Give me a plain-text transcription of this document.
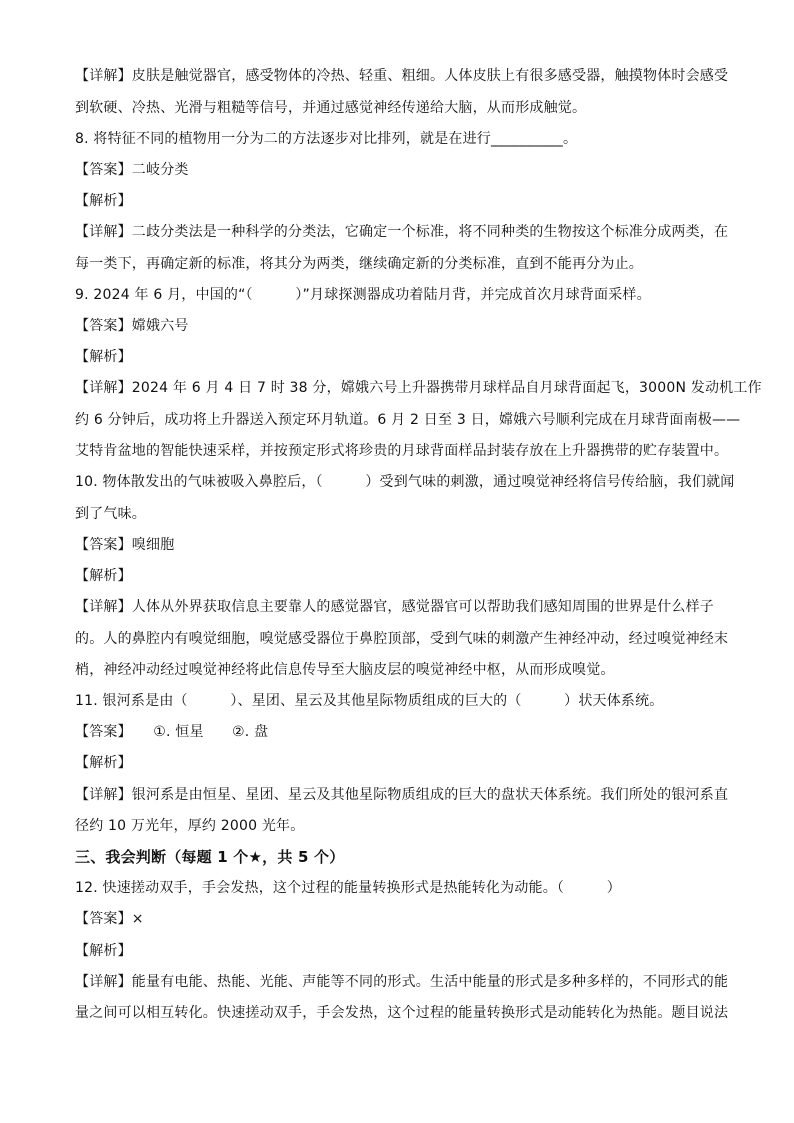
【详解】皮肤是触觉器官，感受物体的冷热、轻重、粗细。人体皮肤上有很多感受器，触摸物体时会感受
到软硬、冷热、光滑与粗糙等信号，并通过感觉神经传递给大脑，从而形成触觉。
8. 将特征不同的植物用一分为二的方法逐步对比排列，就是在进行__________。
【答案】二岐分类
【解析】
【详解】二歧分类法是一种科学的分类法，它确定一个标准，将不同种类的生物按这个标准分成两类，在
每一类下，再确定新的标准，将其分为两类，继续确定新的分类标准，直到不能再分为止。
9. 2024 年 6 月，中国的“（　　　）”月球探测器成功着陆月背，并完成首次月球背面采样。
【答案】嫦娥六号
【解析】
【详解】2024 年 6 月 4 日 7 时 38 分，嫦娥六号上升器携带月球样品自月球背面起飞，3000N 发动机工作
约 6 分钟后，成功将上升器送入预定环月轨道。6 月 2 日至 3 日，嫦娥六号顺利完成在月球背面南极——
艾特肯盆地的智能快速采样，并按预定形式将珍贵的月球背面样品封装存放在上升器携带的贮存装置中。
10. 物体散发出的气味被吸入鼻腔后，（　　　）受到气味的刺激，通过嗅觉神经将信号传给脑，我们就闻
到了气味。
【答案】嗅细胞
【解析】
【详解】人体从外界获取信息主要靠人的感觉器官，感觉器官可以帮助我们感知周围的世界是什么样子
的。人的鼻腔内有嗅觉细胞，嗅觉感受器位于鼻腔顶部，受到气味的刺激产生神经冲动，经过嗅觉神经末
梢，神经冲动经过嗅觉神经将此信息传导至大脑皮层的嗅觉神经中枢，从而形成嗅觉。
11. 银河系是由（　　　）、星团、星云及其他星际物质组成的巨大的（　　　）状天体系统。
【答案】　　①. 恒星　　②. 盘
【解析】
【详解】银河系是由恒星、星团、星云及其他星际物质组成的巨大的盘状天体系统。我们所处的银河系直
径约 10 万光年，厚约 2000 光年。
三、我会判断（每题 1 个★，共 5 个）
12. 快速搓动双手，手会发热，这个过程的能量转换形式是热能转化为动能。（　　　）
【答案】×
【解析】
【详解】能量有电能、热能、光能、声能等不同的形式。生活中能量的形式是多种多样的，不同形式的能
量之间可以相互转化。快速搓动双手，手会发热，这个过程的能量转换形式是动能转化为热能。题目说法
